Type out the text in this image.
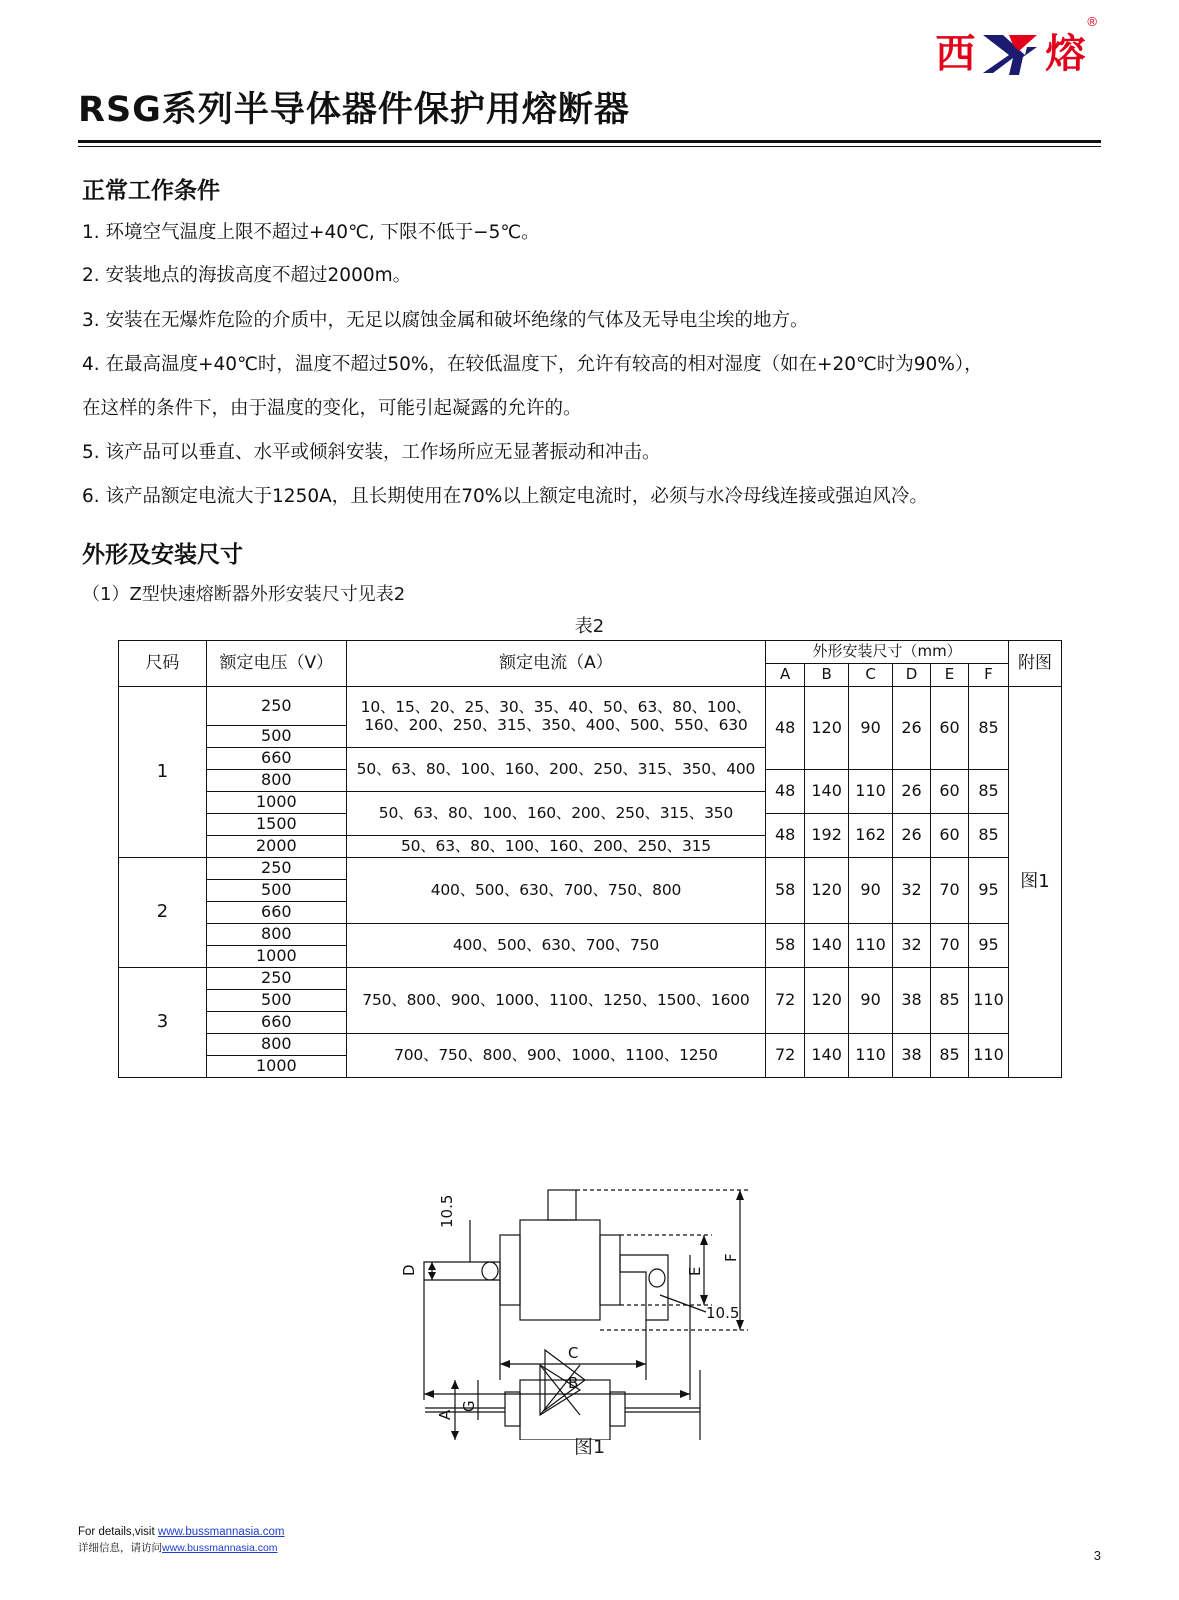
西 熔
®
RSG系列半导体器件保护用熔断器
正常工作条件
1. 环境空气温度上限不超过+40℃, 下限不低于−5℃。
2. 安装地点的海拔高度不超过2000m。
3. 安装在无爆炸危险的介质中，无足以腐蚀金属和破坏绝缘的气体及无导电尘埃的地方。
4. 在最高温度+40℃时，温度不超过50%，在较低温度下，允许有较高的相对湿度（如在+20℃时为90%），
在这样的条件下，由于温度的变化，可能引起凝露的允许的。
5. 该产品可以垂直、水平或倾斜安装，工作场所应无显著振动和冲击。
6. 该产品额定电流大于1250A，且长期使用在70%以上额定电流时，必须与水冷母线连接或强迫风冷。
外形及安装尺寸
（1）Z型快速熔断器外形安装尺寸见表2
表2
尺码	额定电压（V）	额定电流（A）	外形安装尺寸（mm）						附图
			A	B	C	D	E	F	
1	250	10、15、20、25、30、35、40、50、63、80、100、
160、200、250、315、350、400、500、550、630	48	120	90	26	60	85	图1
	500								
	660	50、63、80、100、160、200、250、315、350、400							
	800		48	140	110	26	60	85	
	1000	50、63、80、100、160、200、250、315、350							
	1500		48	192	162	26	60	85	
	2000	50、63、80、100、160、200、250、315							
2	250	400、500、630、700、750、800	58	120	90	32	70	95	
	500								
	660								
	800	400、500、630、700、750	58	140	110	32	70	95	
	1000								
3	250	750、800、900、1000、1100、1250、1500、1600	72	120	90	38	85	110	
	500								
	660								
	800	700、750、800、900、1000、1100、1250	72	140	110	38	85	110	
	1000								
10.5
D	E
F
10.5
C
B
A
G
图1
For details,visit www.bussmannasia.com
详细信息，请访问www.bussmannasia.com	3
